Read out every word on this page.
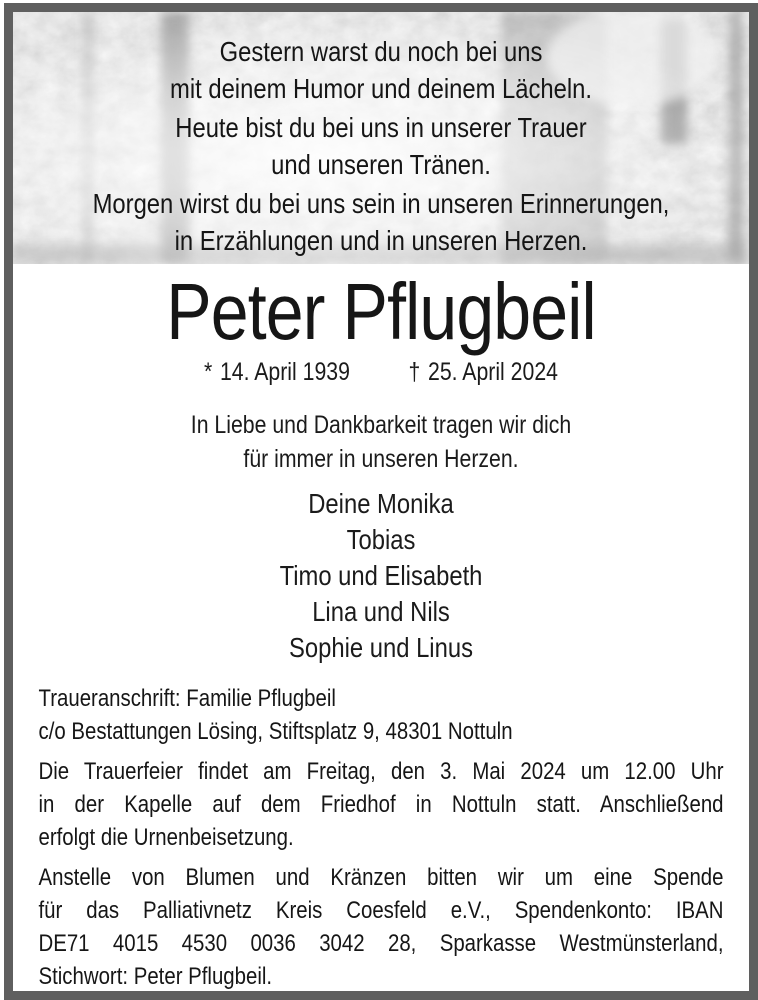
Gestern warst du noch bei uns
mit deinem Humor und deinem Lächeln.
Heute bist du bei uns in unserer Trauer
und unseren Tränen.
Morgen wirst du bei uns sein in unseren Erinnerungen,
in Erzählungen und in unseren Herzen.
Peter Pflugbeil
* 14. April 1939 † 25. April 2024
In Liebe und Dankbarkeit tragen wir dich
für immer in unseren Herzen.
Deine Monika
Tobias
Timo und Elisabeth
Lina und Nils
Sophie und Linus
Traueranschrift: Familie Pflugbeil
c/o Bestattungen Lösing, Stiftsplatz 9, 48301 Nottuln
Die Trauerfeier findet am Freitag, den 3. Mai 2024 um 12.00 Uhr
in der Kapelle auf dem Friedhof in Nottuln statt. Anschließend
erfolgt die Urnenbeisetzung.
Anstelle von Blumen und Kränzen bitten wir um eine Spende
für das Palliativnetz Kreis Coesfeld e.V., Spendenkonto: IBAN
DE71 4015 4530 0036 3042 28, Sparkasse Westmünsterland,
Stichwort: Peter Pflugbeil.
